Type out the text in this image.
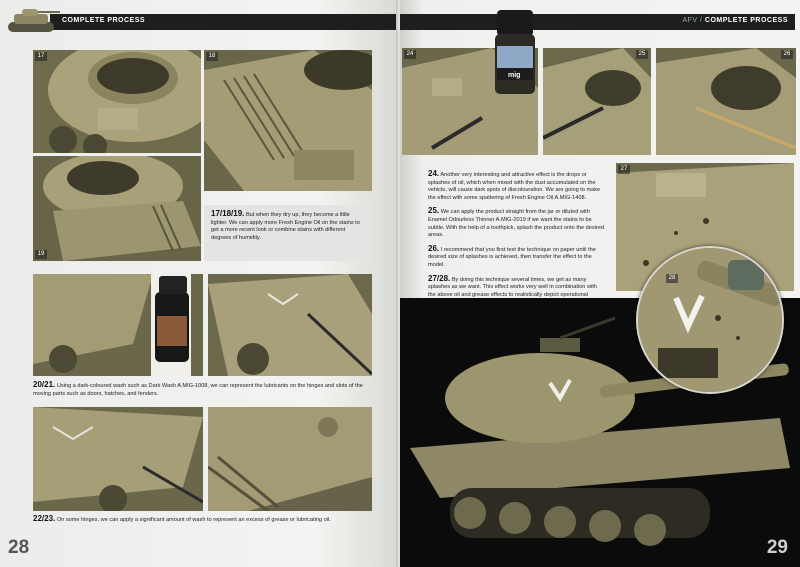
COMPLETE PROCESS
17	18
19
17/18/19. But when they dry up, they become a little lighter. We can apply more Fresh Engine Oil on the stains to get a more recent look or combine stains with different degrees of humidity.
20/21. Using a dark-coloured wash such as Dark Wash A.MIG-1008, we can represent the lubricants on the hinges and slots of the moving parts such as doors, hatches, and fenders.
22/23. On some hinges, we can apply a significant amount of wash to represent an excess of grease or lubricating oil.
28
AFV / COMPLETE PROCESS
24	25	26

24. Another very interesting and attractive effect is the drops or splashes of oil, which when mixed with the dust accumulated on the vehicle, will cause dark spots of discolouration. We are going to make the effect with some spattering of Fresh Engine Oil A.MIG-1408.

25. We can apply the product straight from the jar or diluted with Enamel Odourless Thinner A.MIG-2019 if we want the stains to be subtle. With the help of a toothpick, splash the product onto the desired areas.

26. I recommend that you first test the technique on paper until the desired size of splashes is achieved, then transfer the effect to the model.

27/28. By doing this technique several times, we get as many splashes as we want. This effect works very well in combination with the above oil and grease effects to realistically depict operational

27
28
29
mig
